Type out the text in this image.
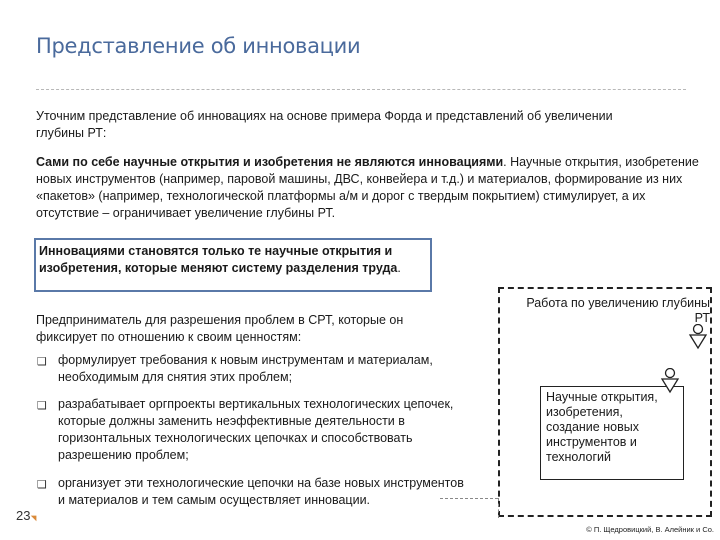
Представление об инновации
Уточним представление об инновациях на основе примера Форда и представлений об увеличении глубины РТ:
Сами по себе научные открытия и изобретения не являются инновациями. Научные открытия, изобретение новых инструментов (например, паровой машины, ДВС, конвейера и т.д.) и материалов, формирование из них «пакетов» (например, технологической платформы а/м и дорог с твердым покрытием) стимулирует, а их отсутствие – ограничивает увеличение глубины РТ.
Инновациями становятся только те научные открытия и изобретения, которые меняют систему разделения труда.
Предприниматель для разрешения проблем в СРТ, которые он фиксирует по отношению к своим ценностям:
❑ формулирует требования к новым инструментам и материалам, необходимым для снятия этих проблем;
❑ разрабатывает оргпроекты вертикальных технологических цепочек, которые должны заменить неэффективные деятельности в горизонтальных технологических цепочках и способствовать разрешению проблем;
❑ организует эти технологические цепочки на базе новых инструментов и материалов и тем самым осуществляет инновации.
Работа по увеличению глубины РТ
Научные открытия, изобретения, создание новых инструментов и технологий
23
© П. Щедровицкий, В. Алейник и Co.
